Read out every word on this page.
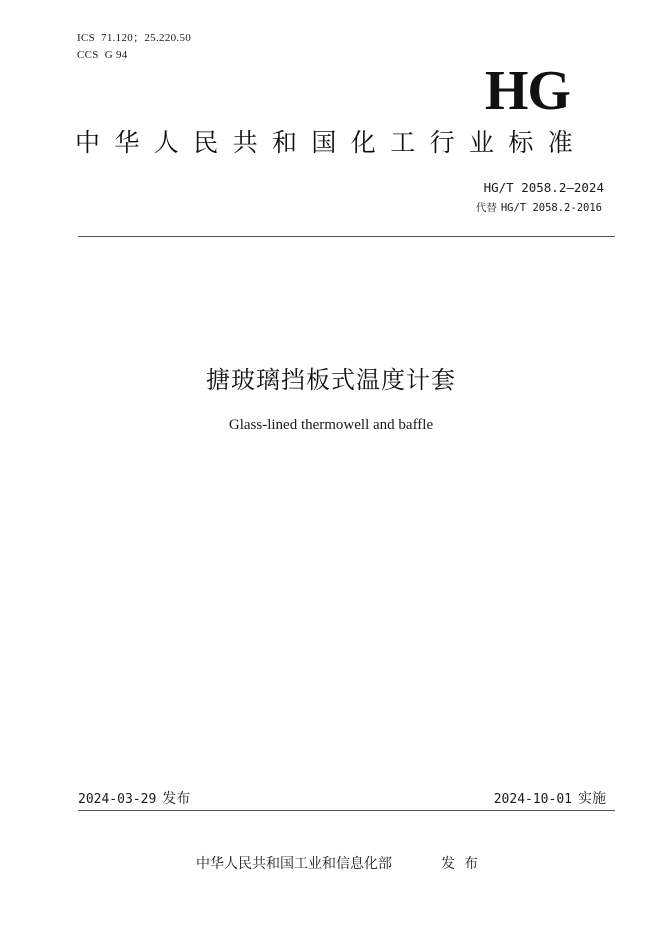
ICS 71.120；25.220.50
CCS G 94
HG
中华人民共和国化工行业标准
HG/T 2058.2—2024
代替 HG/T 2058.2-2016
搪玻璃挡板式温度计套
Glass-lined thermowell and baffle
2024-03-29 发布	2024-10-01 实施
中华人民共和国工业和信息化部	发布
